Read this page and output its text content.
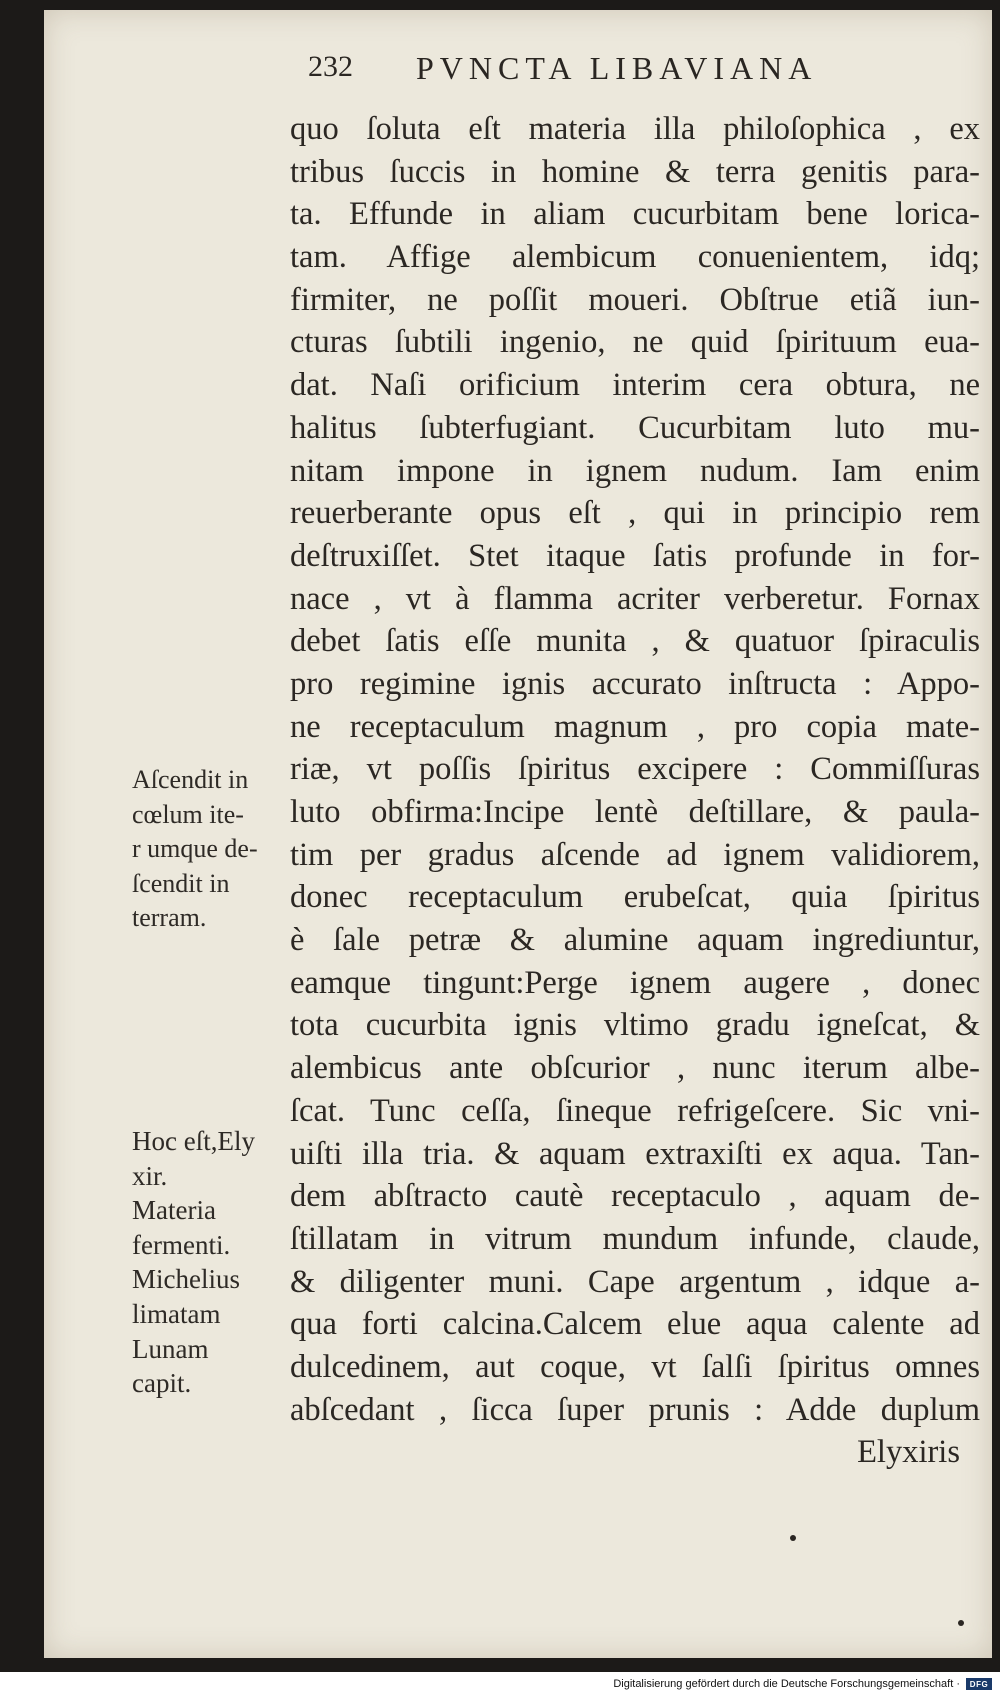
232 PVNCTA LIBAVIANA
quo ſoluta eſt materia illa philoſophica , ex
tribus ſuccis in homine & terra genitis para-
ta. Effunde in aliam cucurbitam bene lorica-
tam. Affige alembicum conuenientem, idq;
firmiter, ne poſſit moueri. Obſtrue etiã iun-
cturas ſubtili ingenio, ne quid ſpirituum eua-
dat. Naſi orificium interim cera obtura, ne
halitus ſubterfugiant. Cucurbitam luto mu-
nitam impone in ignem nudum. Iam enim
reuerberante opus eſt , qui in principio rem
deſtruxiſſet. Stet itaque ſatis profunde in for-
nace , vt à flamma acriter verberetur. Fornax
debet ſatis eſſe munita , & quatuor ſpiraculis
pro regimine ignis accurato inſtructa : Appo-
ne receptaculum magnum , pro copia mate-
riæ, vt poſſis ſpiritus excipere : Commiſſuras
luto obfirma:Incipe lentè deſtillare, & paula-
tim per gradus aſcende ad ignem validiorem,
donec receptaculum erubeſcat, quia ſpiritus
è ſale petræ & alumine aquam ingrediuntur,
eamque tingunt:Perge ignem augere , donec
tota cucurbita ignis vltimo gradu igneſcat, &
alembicus ante obſcurior , nunc iterum albe-
ſcat. Tunc ceſſa, ſineque refrigeſcere. Sic vni-
uiſti illa tria. & aquam extraxiſti ex aqua. Tan-
dem abſtracto cautè receptaculo , aquam de-
ſtillatam in vitrum mundum infunde, claude,
& diligenter muni. Cape argentum , idque a-
qua forti calcina.Calcem elue aqua calente ad
dulcedinem, aut coque, vt ſalſi ſpiritus omnes
abſcedant , ſicca ſuper prunis : Adde duplum
Elyxiris
Aſcendit in
cœlum ite-
r umque de-
ſcendit in
terram.
Hoc eſt,Ely
xir.
Materia
fermenti.
Michelius
limatam
Lunam
capit.
Digitalisierung gefördert durch die Deutsche Forschungsgemeinschaft ·	DFG
